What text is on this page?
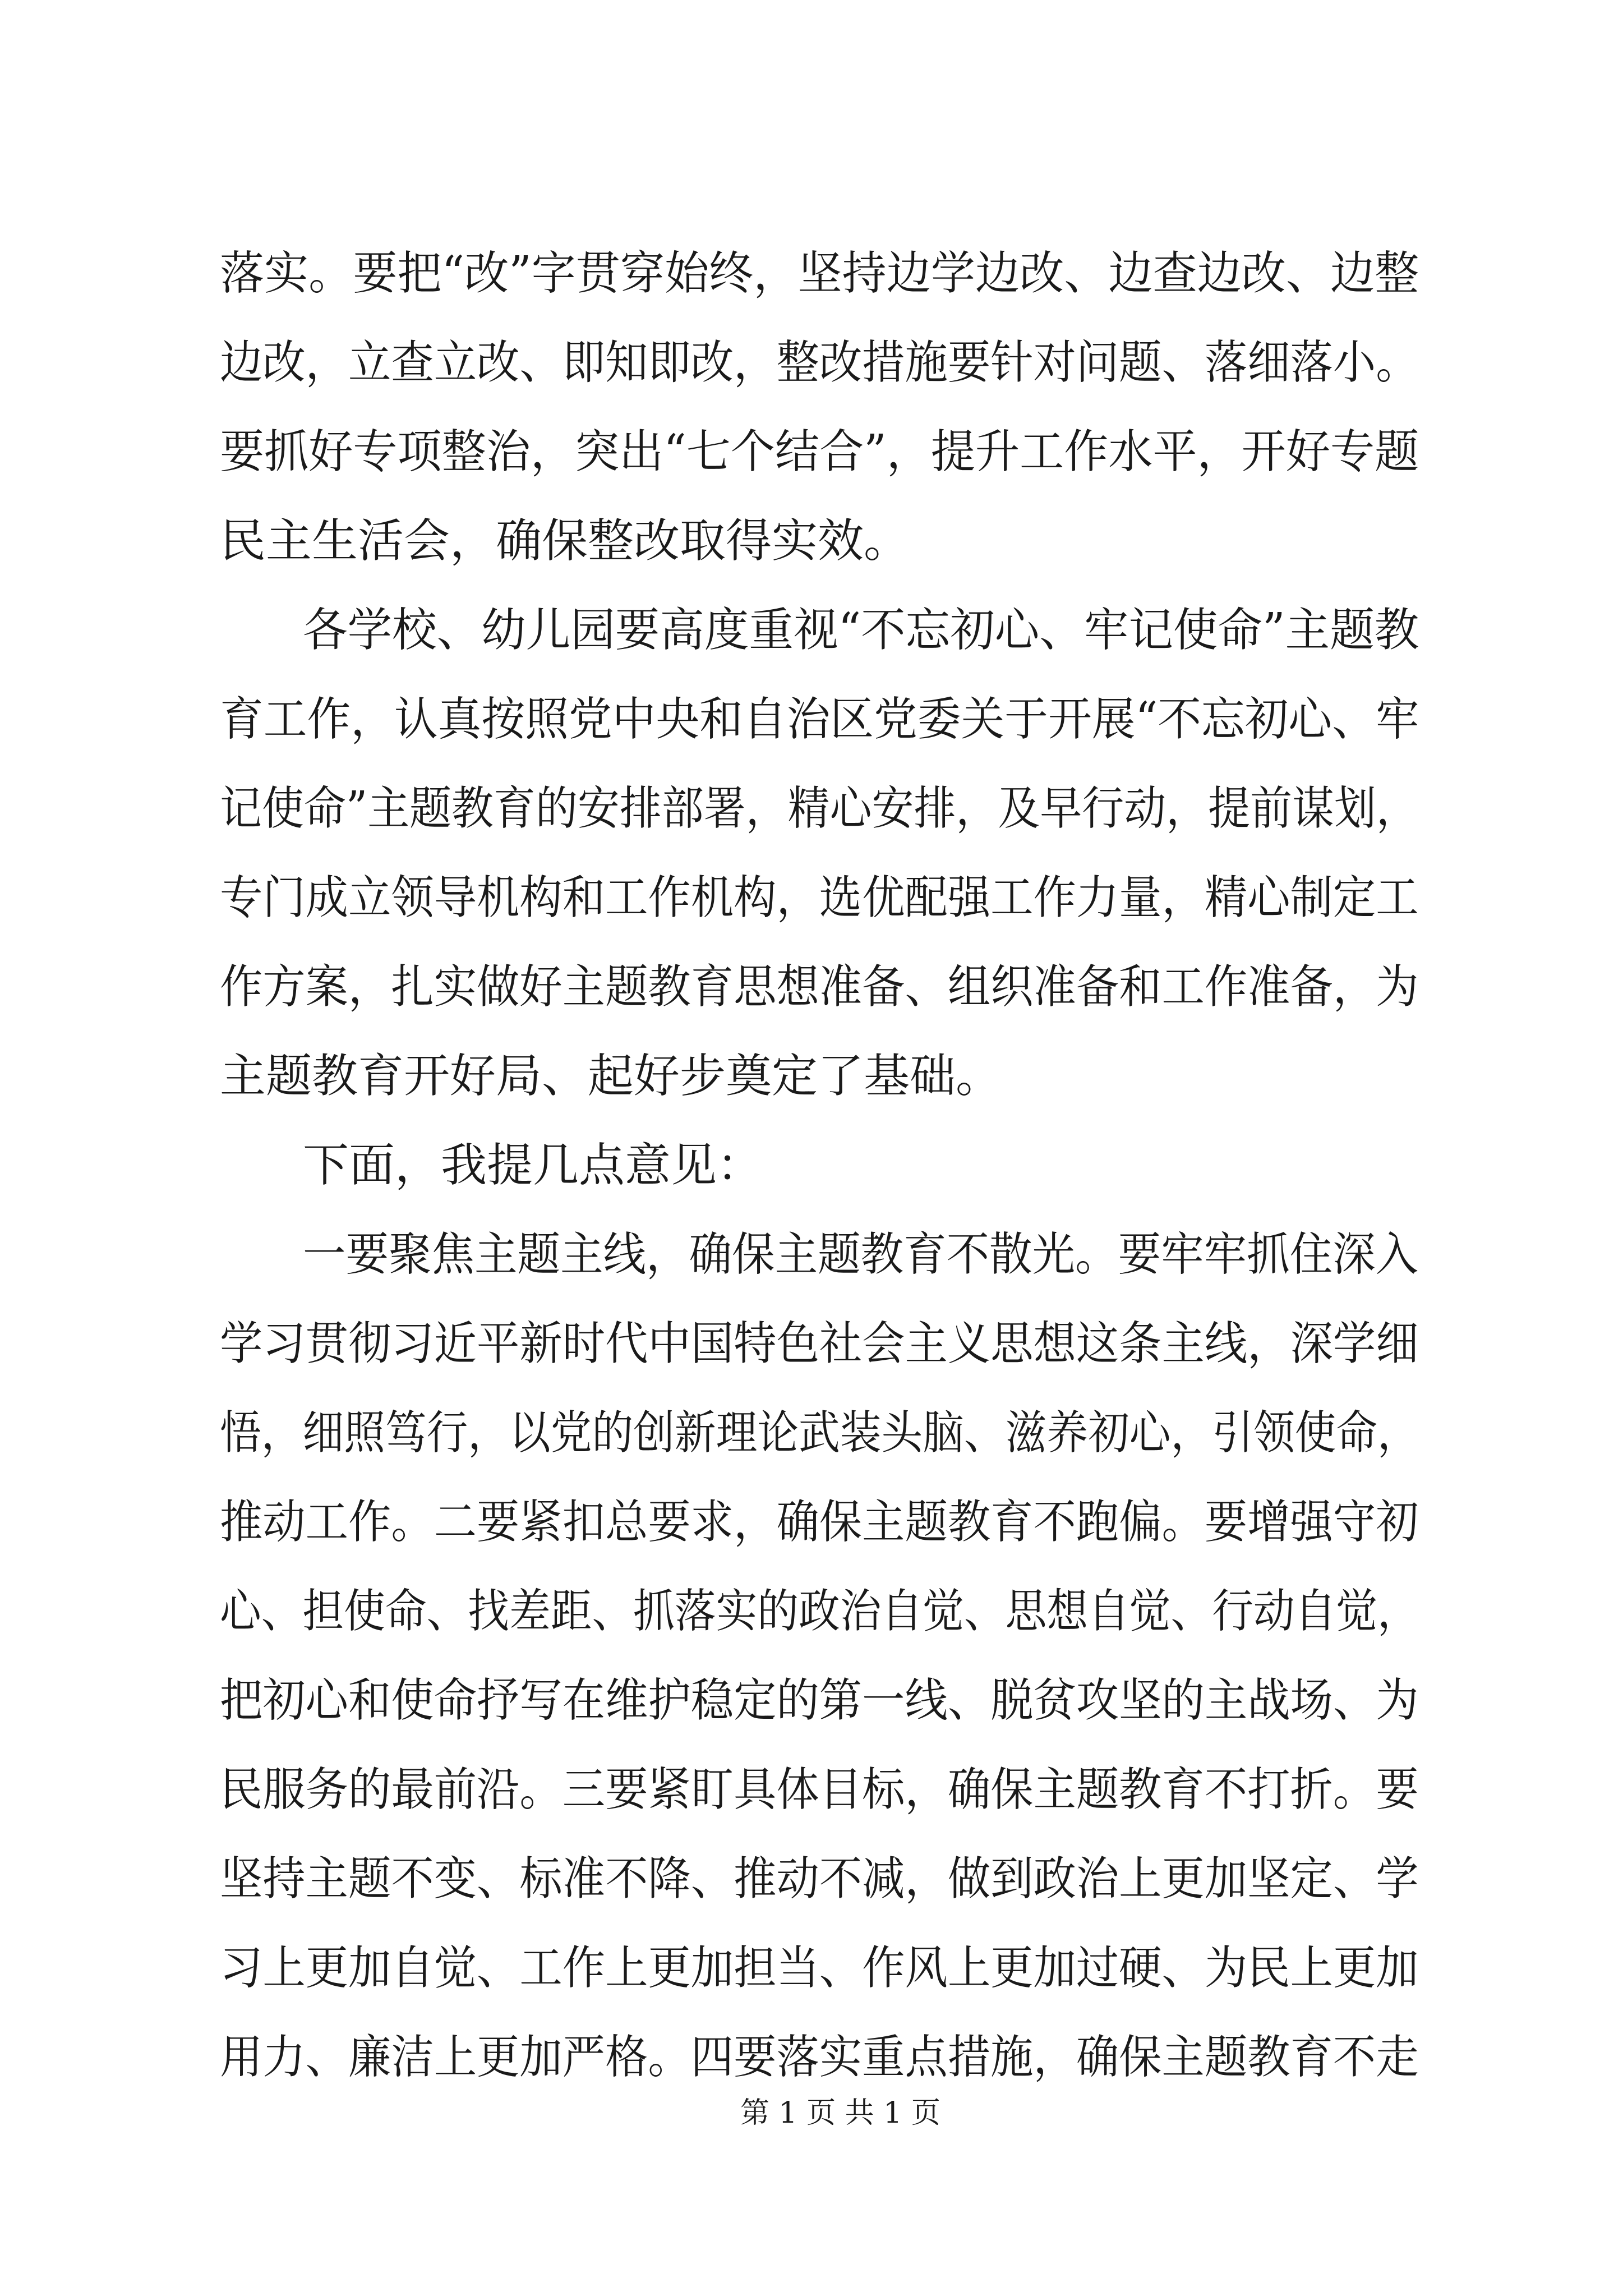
落实。要把“改”字贯穿始终，坚持边学边改、边查边改、边整
边改，立查立改、即知即改，整改措施要针对问题、落细落小。
要抓好专项整治，突出“七个结合”，提升工作水平，开好专题
民主生活会，确保整改取得实效。
各学校、幼儿园要高度重视“不忘初心、牢记使命”主题教
育工作，认真按照党中央和自治区党委关于开展“不忘初心、牢
记使命”主题教育的安排部署，精心安排，及早行动，提前谋划，
专门成立领导机构和工作机构，选优配强工作力量，精心制定工
作方案，扎实做好主题教育思想准备、组织准备和工作准备，为
主题教育开好局、起好步奠定了基础。
下面，我提几点意见：
一要聚焦主题主线，确保主题教育不散光。要牢牢抓住深入
学习贯彻习近平新时代中国特色社会主义思想这条主线，深学细
悟，细照笃行，以党的创新理论武装头脑、滋养初心，引领使命，
推动工作。二要紧扣总要求，确保主题教育不跑偏。要增强守初
心、担使命、找差距、抓落实的政治自觉、思想自觉、行动自觉，
把初心和使命抒写在维护稳定的第一线、脱贫攻坚的主战场、为
民服务的最前沿。三要紧盯具体目标，确保主题教育不打折。要
坚持主题不变、标准不降、推动不减，做到政治上更加坚定、学
习上更加自觉、工作上更加担当、作风上更加过硬、为民上更加
用力、廉洁上更加严格。四要落实重点措施，确保主题教育不走
第 1 页 共 1 页
